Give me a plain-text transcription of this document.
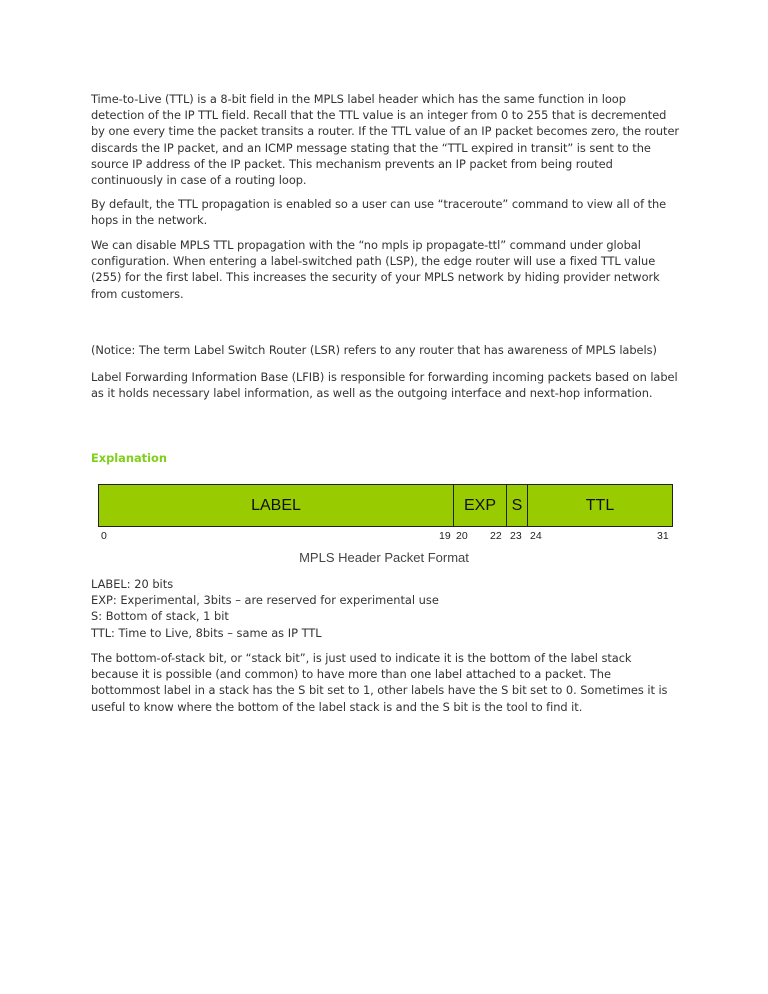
Time-to-Live (TTL) is a 8-bit field in the MPLS label header which has the same function in loop detection of the IP TTL field. Recall that the TTL value is an integer from 0 to 255 that is decremented by one every time the packet transits a router. If the TTL value of an IP packet becomes zero, the router discards the IP packet, and an ICMP message stating that the “TTL expired in transit” is sent to the source IP address of the IP packet. This mechanism prevents an IP packet from being routed continuously in case of a routing loop.

By default, the TTL propagation is enabled so a user can use “traceroute” command to view all of the hops in the network.

We can disable MPLS TTL propagation with the “no mpls ip propagate-ttl” command under global configuration. When entering a label-switched path (LSP), the edge router will use a fixed TTL value (255) for the first label. This increases the security of your MPLS network by hiding provider network from customers.

(Notice: The term Label Switch Router (LSR) refers to any router that has awareness of MPLS labels)

Label Forwarding Information Base (LFIB) is responsible for forwarding incoming packets based on label as it holds necessary label information, as well as the outgoing interface and next-hop information.

Explanation
LABEL	EXP S	TTL
0	19 20 22 23 24	31
MPLS Header Packet Format
LABEL: 20 bits
EXP: Experimental, 3bits – are reserved for experimental use
S: Bottom of stack, 1 bit
TTL: Time to Live, 8bits – same as IP TTL

The bottom-of-stack bit, or “stack bit”, is just used to indicate it is the bottom of the label stack because it is possible (and common) to have more than one label attached to a packet. The bottommost label in a stack has the S bit set to 1, other labels have the S bit set to 0. Sometimes it is useful to know where the bottom of the label stack is and the S bit is the tool to find it.
